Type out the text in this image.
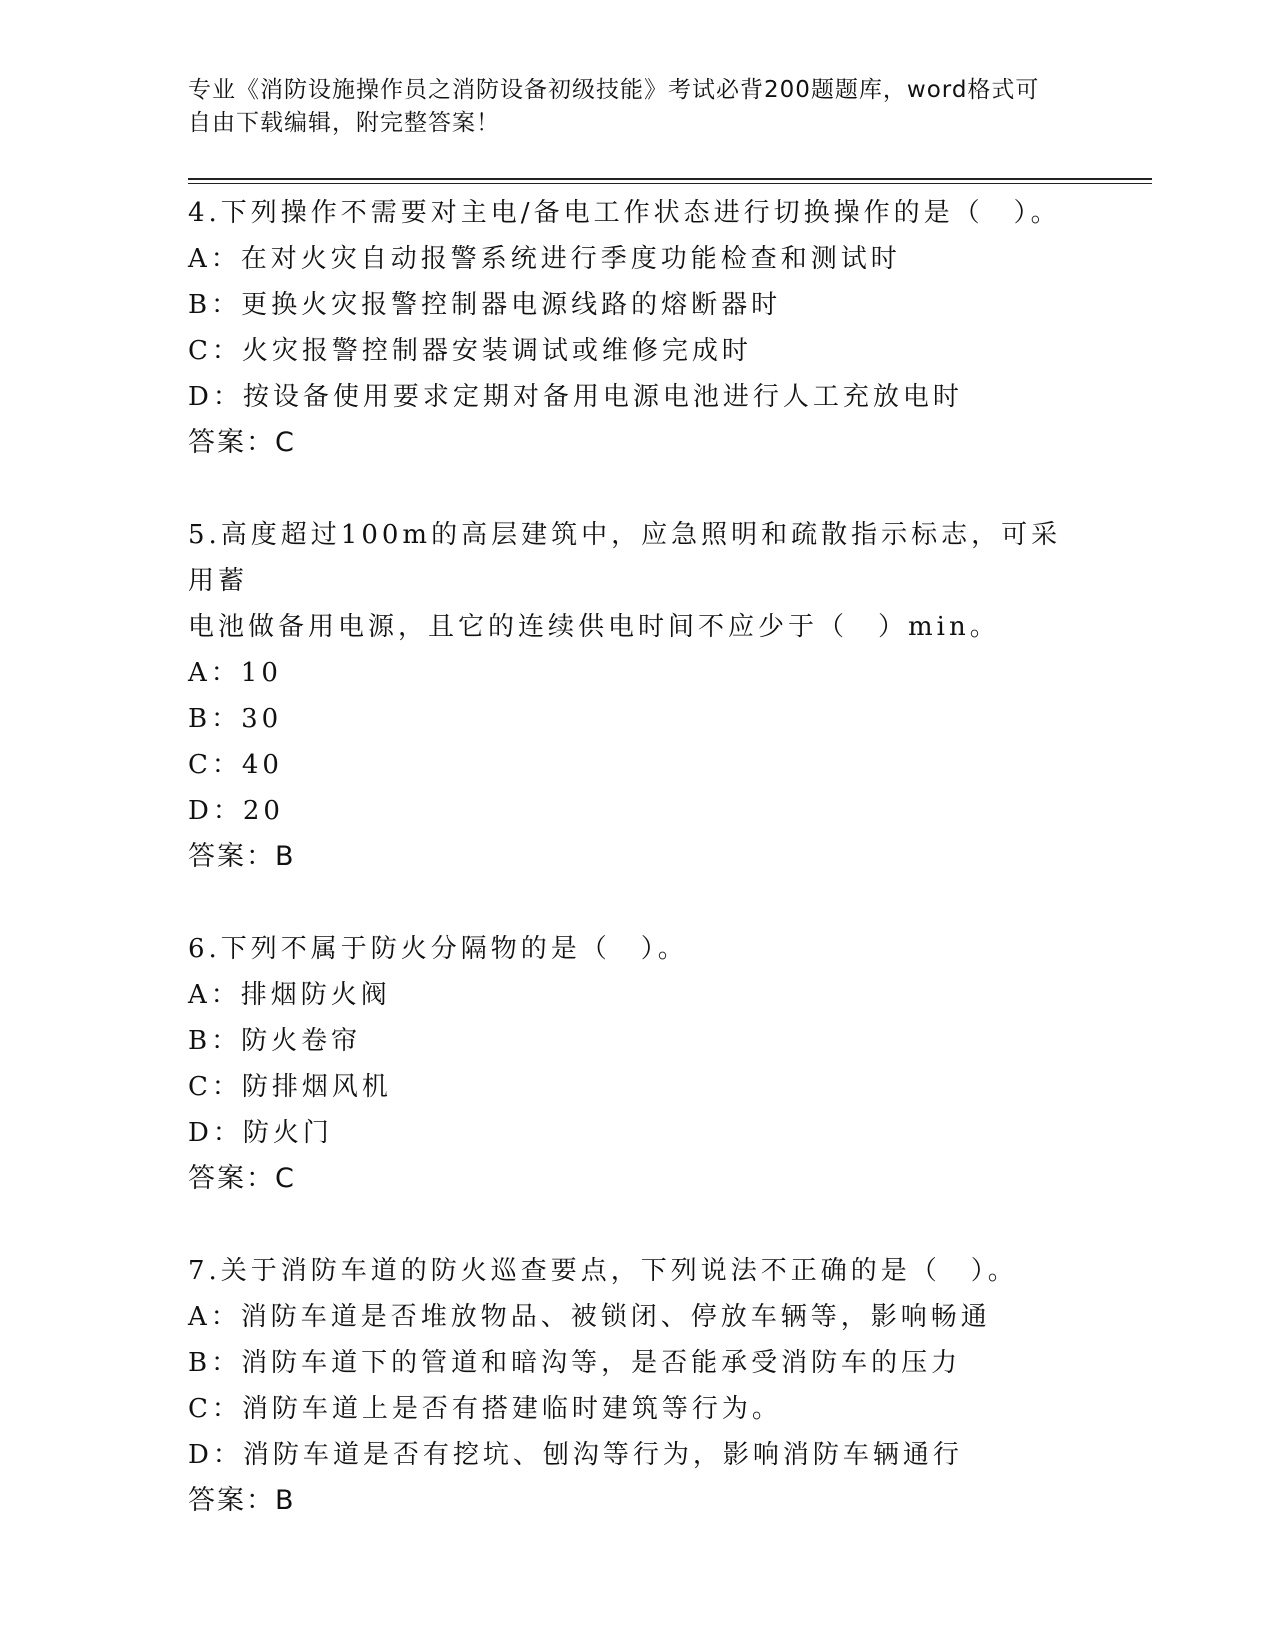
专业《消防设施操作员之消防设备初级技能》考试必背200题题库，word格式可
自由下载编辑，附完整答案！

4.下列操作不需要对主电/备电工作状态进行切换操作的是（　）。

A：在对火灾自动报警系统进行季度功能检查和测试时

B：更换火灾报警控制器电源线路的熔断器时

C：火灾报警控制器安装调试或维修完成时

D：按设备使用要求定期对备用电源电池进行人工充放电时

答案：C

5.高度超过100m的高层建筑中，应急照明和疏散指示标志，可采用蓄

电池做备用电源，且它的连续供电时间不应少于（　）min。

A：10

B：30

C：40

D：20

答案：B

6.下列不属于防火分隔物的是（　）。

A：排烟防火阀

B：防火卷帘

C：防排烟风机

D：防火门

答案：C

7.关于消防车道的防火巡查要点，下列说法不正确的是（　）。

A：消防车道是否堆放物品、被锁闭、停放车辆等，影响畅通

B：消防车道下的管道和暗沟等，是否能承受消防车的压力

C：消防车道上是否有搭建临时建筑等行为。

D：消防车道是否有挖坑、刨沟等行为，影响消防车辆通行

答案：B
